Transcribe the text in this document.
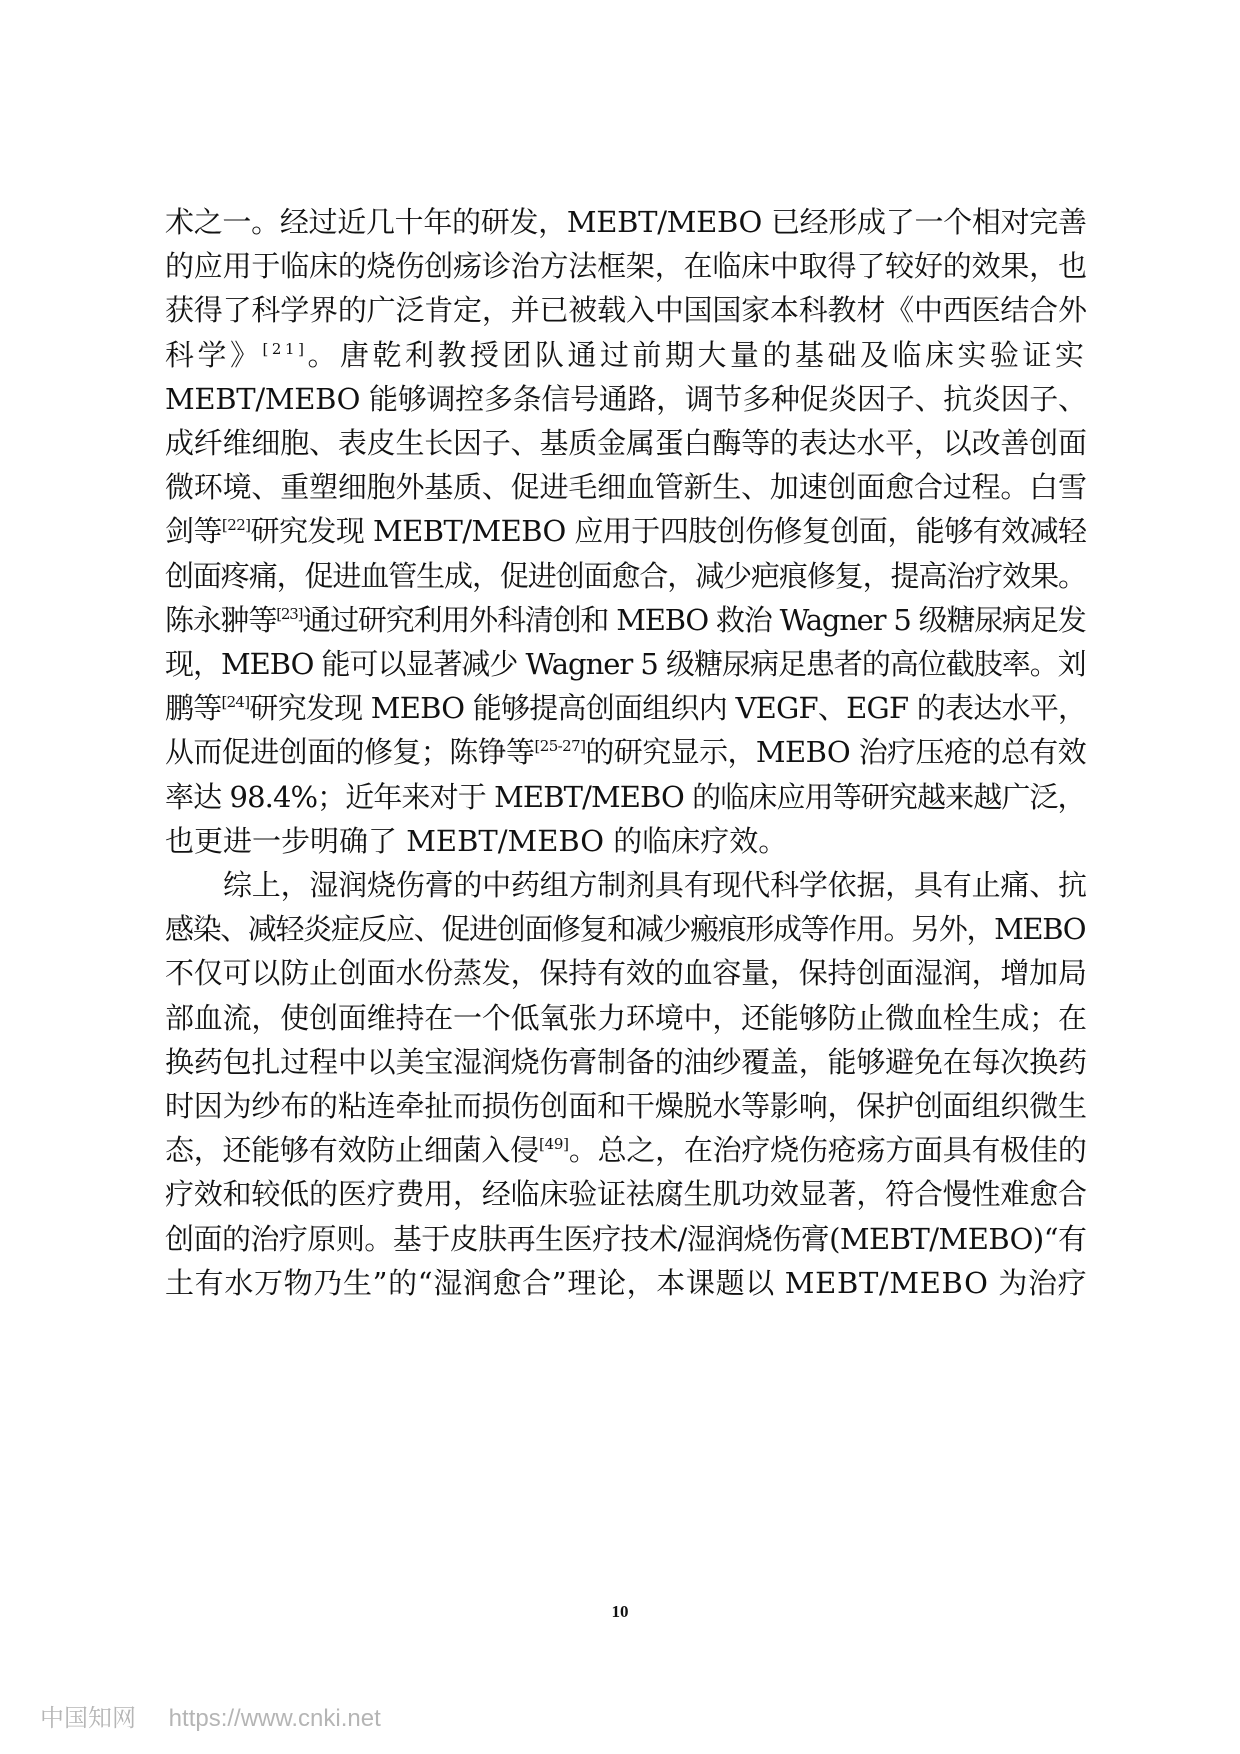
术之一。经过近几十年的研发，MEBT/MEBO 已经形成了一个相对完善
的应用于临床的烧伤创疡诊治方法框架，在临床中取得了较好的效果，也
获得了科学界的广泛肯定，并已被载入中国国家本科教材《中西医结合外
科学》[21]。唐乾利教授团队通过前期大量的基础及临床实验证实
MEBT/MEBO 能够调控多条信号通路，调节多种促炎因子、抗炎因子、
成纤维细胞、表皮生长因子、基质金属蛋白酶等的表达水平，以改善创面
微环境、重塑细胞外基质、促进毛细血管新生、加速创面愈合过程。白雪
剑等[22]研究发现 MEBT/MEBO 应用于四肢创伤修复创面，能够有效减轻
创面疼痛，促进血管生成，促进创面愈合，减少疤痕修复，提高治疗效果。
陈永翀等[23]通过研究利用外科清创和 MEBO 救治 Wagner 5 级糖尿病足发
现，MEBO 能可以显著减少 Wagner 5 级糖尿病足患者的高位截肢率。刘
鹏等[24]研究发现 MEBO 能够提高创面组织内 VEGF、EGF 的表达水平，
从而促进创面的修复；陈铮等[25-27]的研究显示，MEBO 治疗压疮的总有效
率达 98.4%；近年来对于 MEBT/MEBO 的临床应用等研究越来越广泛，
也更进一步明确了 MEBT/MEBO 的临床疗效。
综上，湿润烧伤膏的中药组方制剂具有现代科学依据，具有止痛、抗
感染、减轻炎症反应、促进创面修复和减少瘢痕形成等作用。另外，MEBO
不仅可以防止创面水份蒸发，保持有效的血容量，保持创面湿润，增加局
部血流，使创面维持在一个低氧张力环境中，还能够防止微血栓生成；在
换药包扎过程中以美宝湿润烧伤膏制备的油纱覆盖，能够避免在每次换药
时因为纱布的粘连牵扯而损伤创面和干燥脱水等影响，保护创面组织微生
态，还能够有效防止细菌入侵[49]。总之，在治疗烧伤疮疡方面具有极佳的
疗效和较低的医疗费用，经临床验证祛腐生肌功效显著，符合慢性难愈合
创面的治疗原则。基于皮肤再生医疗技术/湿润烧伤膏(MEBT/MEBO)“有
土有水万物乃生”的“湿润愈合”理论，本课题以 MEBT/MEBO 为治疗
10
中国知网 https://www.cnki.net
